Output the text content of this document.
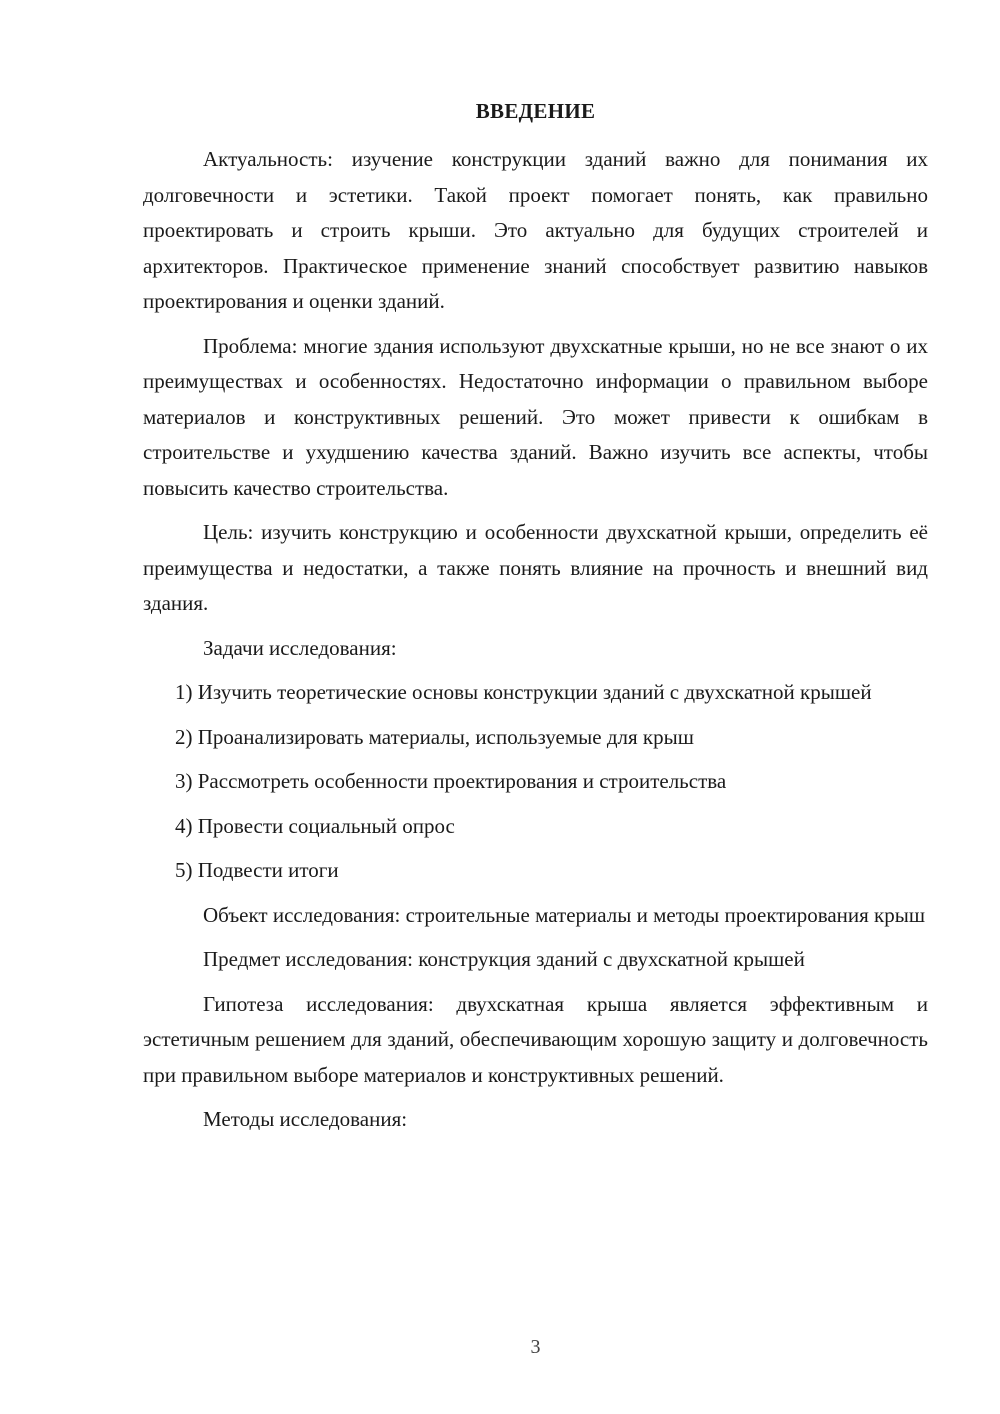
ВВЕДЕНИЕ

Актуальность: изучение конструкции зданий важно для понимания их долговечности и эстетики. Такой проект помогает понять, как правильно проектировать и строить крыши. Это актуально для будущих строителей и архитекторов. Практическое применение знаний способствует развитию навыков проектирования и оценки зданий.

Проблема: многие здания используют двухскатные крыши, но не все знают о их преимуществах и особенностях. Недостаточно информации о правильном выборе материалов и конструктивных решений. Это может привести к ошибкам в строительстве и ухудшению качества зданий. Важно изучить все аспекты, чтобы повысить качество строительства.

Цель: изучить конструкцию и особенности двухскатной крыши, определить её преимущества и недостатки, а также понять влияние на прочность и внешний вид здания.

Задачи исследования:

1) Изучить теоретические основы конструкции зданий с двухскатной крышей

2) Проанализировать материалы, используемые для крыш

3) Рассмотреть особенности проектирования и строительства

4) Провести социальный опрос

5) Подвести итоги

Объект исследования: строительные материалы и методы проектирования крыш

Предмет исследования: конструкция зданий с двухскатной крышей

Гипотеза исследования: двухскатная крыша является эффективным и эстетичным решением для зданий, обеспечивающим хорошую защиту и долговечность при правильном выборе материалов и конструктивных решений.

Методы исследования:

3
